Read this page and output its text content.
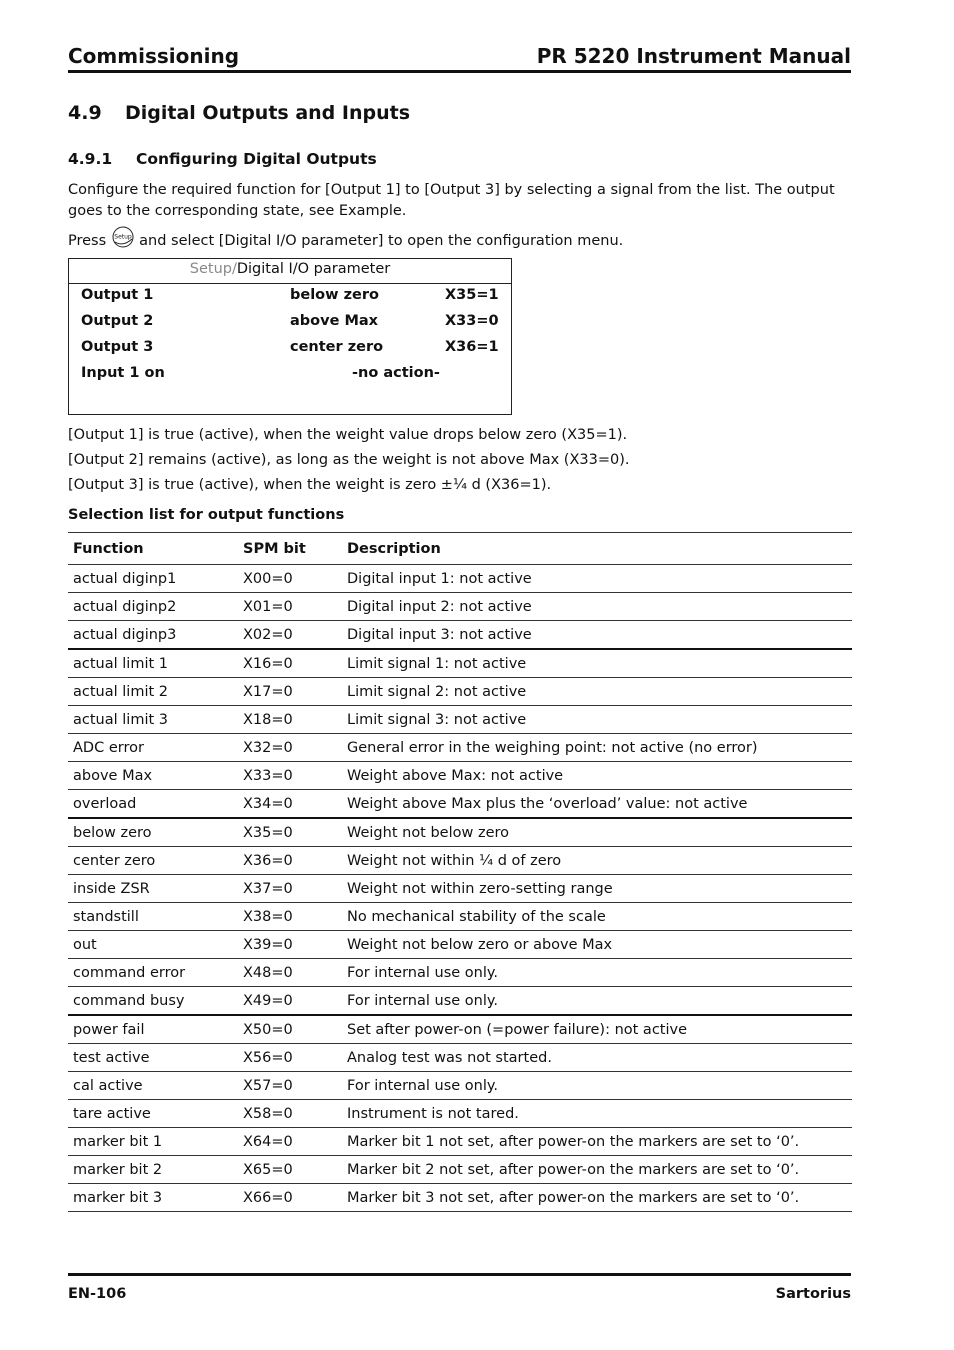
Commissioning	PR 5220 Instrument Manual
4.9 Digital Outputs and Inputs
4.9.1 Configuring Digital Outputs
Configure the required function for [Output 1] to [Output 3] by selecting a signal from the list. The output goes to the corresponding state, see Example.
Press Setup and select [Digital I/O parameter] to open the configuration menu.
Setup/Digital I/O parameter
Output 1	below zero	X35=1
Output 2	above Max	X33=0
Output 3	center zero	X36=1
Input 1 on	-no action-
[Output 1] is true (active), when the weight value drops below zero (X35=1).
[Output 2] remains (active), as long as the weight is not above Max (X33=0).
[Output 3] is true (active), when the weight is zero ±¼ d (X36=1).
Selection list for output functions
Function	SPM bit	Description
actual diginp1	X00=0	Digital input 1: not active
actual diginp2	X01=0	Digital input 2: not active
actual diginp3	X02=0	Digital input 3: not active
actual limit 1	X16=0	Limit signal 1: not active
actual limit 2	X17=0	Limit signal 2: not active
actual limit 3	X18=0	Limit signal 3: not active
ADC error	X32=0	General error in the weighing point: not active (no error)
above Max	X33=0	Weight above Max: not active
overload	X34=0	Weight above Max plus the ‘overload’ value: not active
below zero	X35=0	Weight not below zero
center zero	X36=0	Weight not within ¼ d of zero
inside ZSR	X37=0	Weight not within zero-setting range
standstill	X38=0	No mechanical stability of the scale
out	X39=0	Weight not below zero or above Max
command error	X48=0	For internal use only.
command busy	X49=0	For internal use only.
power fail	X50=0	Set after power-on (=power failure): not active
test active	X56=0	Analog test was not started.
cal active	X57=0	For internal use only.
tare active	X58=0	Instrument is not tared.
marker bit 1	X64=0	Marker bit 1 not set, after power-on the markers are set to ‘0’.
marker bit 2	X65=0	Marker bit 2 not set, after power-on the markers are set to ‘0’.
marker bit 3	X66=0	Marker bit 3 not set, after power-on the markers are set to ‘0’.
EN-106	Sartorius
